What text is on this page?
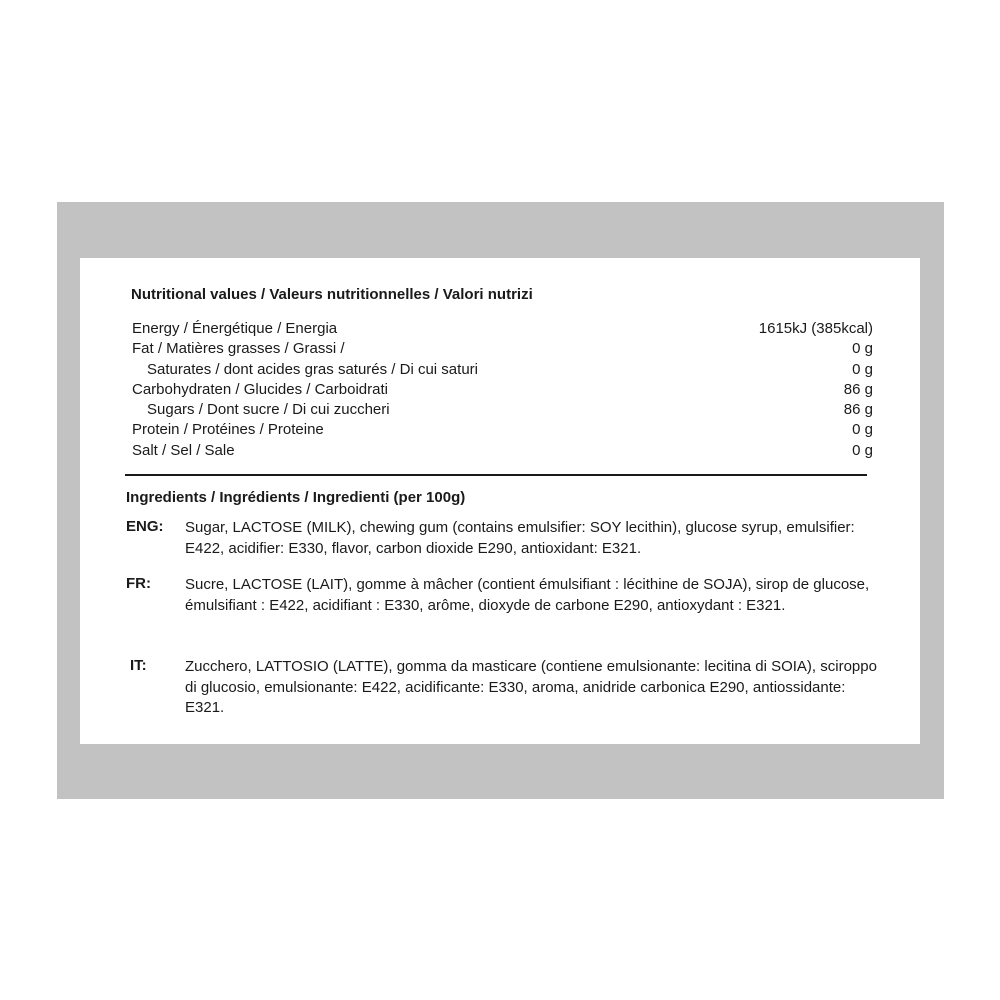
Nutritional values / Valeurs nutritionnelles / Valori nutrizi
Energy / Énergétique / Energia	1615kJ (385kcal)
Fat / Matières grasses / Grassi /	0 g
Saturates / dont acides gras saturés / Di cui saturi	0 g
Carbohydraten / Glucides / Carboidrati	86 g
Sugars / Dont sucre / Di cui zuccheri	86 g
Protein / Protéines / Proteine	0 g
Salt / Sel / Sale	0 g
Ingredients / Ingrédients / Ingredienti (per 100g)
ENG: Sugar, LACTOSE (MILK), chewing gum (contains emulsifier: SOY lecithin), glucose syrup, emulsifier: E422, acidifier: E330, flavor, carbon dioxide E290, antioxidant: E321.
FR: Sucre, LACTOSE (LAIT), gomme à mâcher (contient émulsifiant : lécithine de SOJA), sirop de glucose, émulsifiant : E422, acidifiant : E330, arôme, dioxyde de carbone E290, antioxydant : E321.
IT:	Zucchero, LATTOSIO (LATTE), gomma da masticare (contiene emulsionante: lecitina di SOIA), sciroppo di glucosio, emulsionante: E422, acidificante: E330, aroma, anidride carbonica E290, antiossidante: E321.
